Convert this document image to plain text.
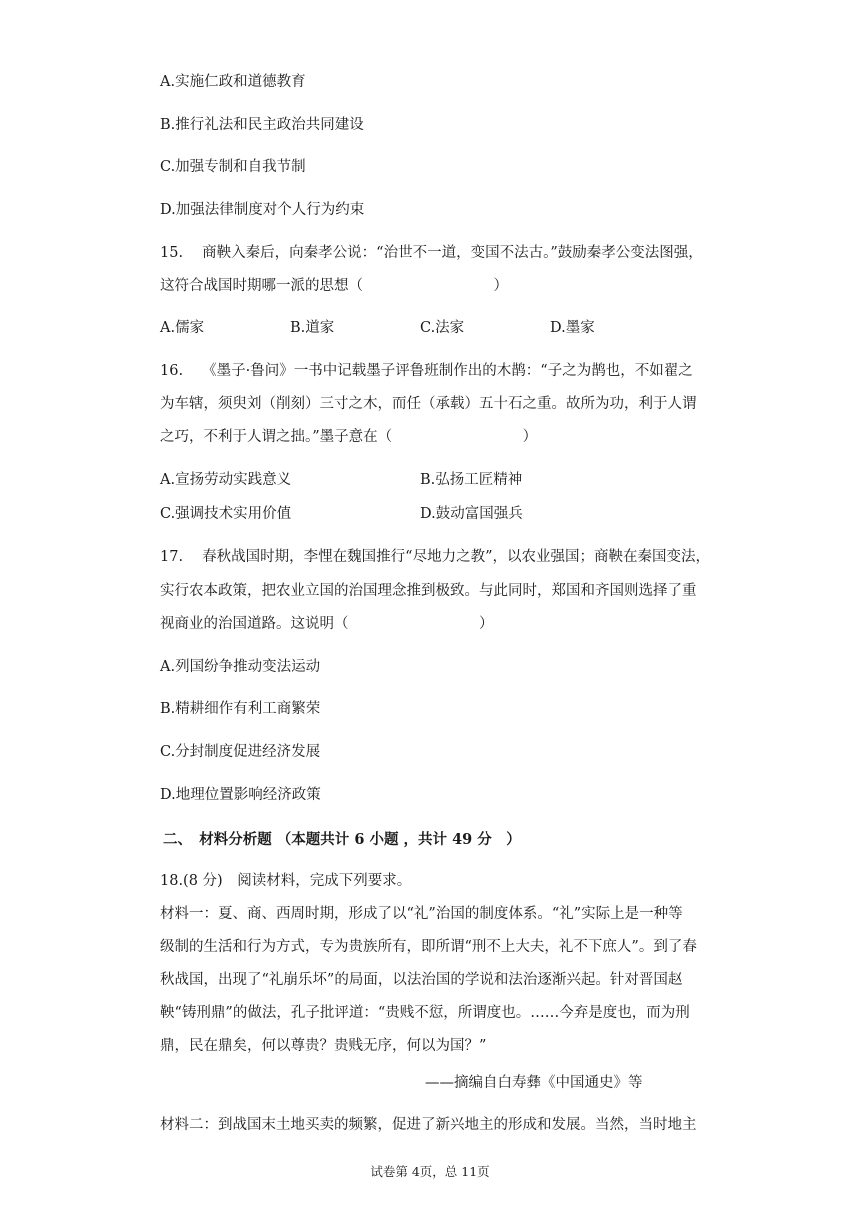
A.实施仁政和道德教育
B.推行礼法和民主政治共同建设
C.加强专制和自我节制
D.加强法律制度对个人行为约束
15.　 商鞅入秦后，向秦孝公说：“治世不一道，变国不法古。”鼓励秦孝公变法图强，
这符合战国时期哪一派的思想（　　　　　　　　　）
A.儒家	B.道家	C.法家	D.墨家
16.　 《墨子·鲁问》一书中记载墨子评鲁班制作出的木鹊：“子之为鹊也，不如翟之
为车辖，须臾刘（削刻）三寸之木，而任（承载）五十石之重。故所为功，利于人谓
之巧，不利于人谓之拙。”墨子意在（　　　　　　　　　）
A.宣扬劳动实践意义	B.弘扬工匠精神
C.强调技术实用价值	D.鼓动富国强兵
17.　 春秋战国时期，李悝在魏国推行“尽地力之教”，以农业强国；商鞅在秦国变法，
实行农本政策，把农业立国的治国理念推到极致。与此同时，郑国和齐国则选择了重
视商业的治国道路。这说明（　　　　　　　　　）
A.列国纷争推动变法运动
B.精耕细作有利工商繁荣
C.分封制度促进经济发展
D.地理位置影响经济政策
二、　材料分析题 （本题共计 6 小题 ，共计 49 分　）
18.(8 分)　阅读材料，完成下列要求。
材料一：夏、商、西周时期，形成了以“礼”治国的制度体系。“礼”实际上是一种等
级制的生活和行为方式，专为贵族所有，即所谓“刑不上大夫，礼不下庶人”。到了春
秋战国，出现了“礼崩乐坏”的局面，以法治国的学说和法治逐渐兴起。针对晋国赵
鞅“铸刑鼎”的做法，孔子批评道：“贵贱不愆，所谓度也。……今弃是度也，而为刑
鼎，民在鼎矣，何以尊贵？贵贱无序，何以为国？”
——摘编自白寿彝《中国通史》等
材料二：到战国末土地买卖的频繁，促进了新兴地主的形成和发展。当然，当时地主
试卷第 4页，总 11页
